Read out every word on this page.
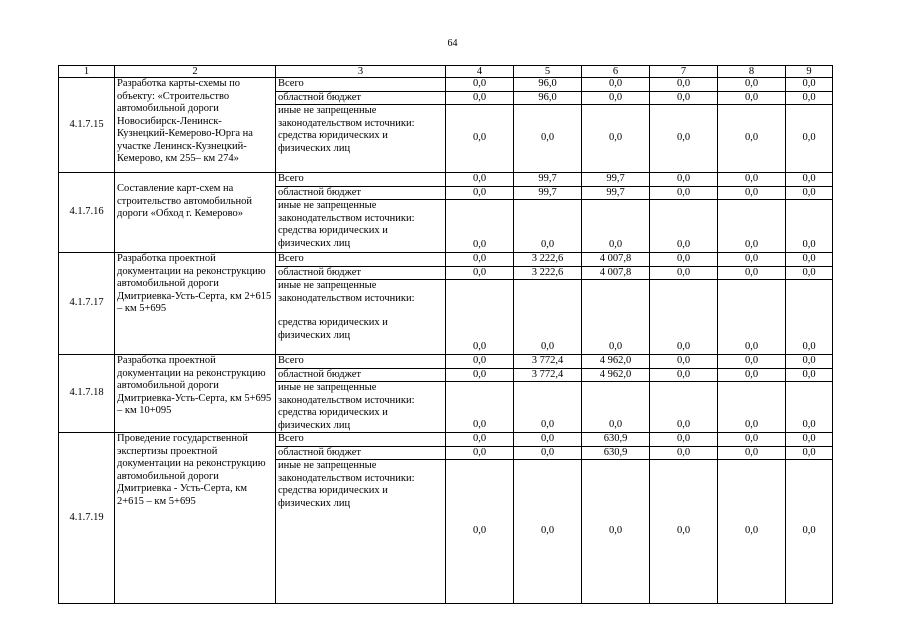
64
1	2	3	4	5	6	7	8	9
4.1.7.15	Разработка карты-схемы по объекту: «Строительство автомобильной дороги Новосибирск-Ленинск-Кузнецкий-Кемерово-Юрга на участке Ленинск-Кузнецкий-Кемерово, км 255– км 274»	Всего	0,0	96,0	0,0	0,0	0,0	0,0
		областной бюджет	0,0	96,0	0,0	0,0	0,0	0,0

		иные не запрещенные
законодательством источники:
средства юридических и
физических лиц	0,0	0,0	0,0	0,0	0,0	0,0
4.1.7.16	Составление карт-схем на строительство автомобильной дороги «Обход г. Кемерово»	Всего	0,0	99,7	99,7	0,0	0,0	0,0
		областной бюджет	0,0	99,7	99,7	0,0	0,0	0,0

		иные не запрещенные
законодательством источники:
средства юридических и
физических лиц	0,0	0,0	0,0	0,0	0,0	0,0
4.1.7.17	Разработка проектной документации на реконструкцию автомобильной дороги Дмитриевка-Усть-Серта, км 2+615 – км 5+695	Всего	0,0	3 222,6	4 007,8	0,0	0,0	0,0
		областной бюджет	0,0	3 222,6	4 007,8	0,0	0,0	0,0

		иные не запрещенные
законодательством источники:
средства юридических и
физических лиц	0,0	0,0	0,0	0,0	0,0	0,0
4.1.7.18	Разработка проектной документации на реконструкцию автомобильной дороги Дмитриевка-Усть-Серта, км 5+695 – км 10+095	Всего	0,0	3 772,4	4 962,0	0,0	0,0	0,0
		областной бюджет	0,0	3 772,4	4 962,0	0,0	0,0	0,0

		иные не запрещенные
законодательством источники:
средства юридических и
физических лиц	0,0	0,0	0,0	0,0	0,0	0,0
4.1.7.19	Проведение государственной экспертизы проектной документации на реконструкцию автомобильной дороги Дмитриевка - Усть-Серта, км 2+615 – км 5+695	Всего	0,0	0,0	630,9	0,0	0,0	0,0
		областной бюджет	0,0	0,0	630,9	0,0	0,0	0,0

		иные не запрещенные
законодательством источники:
средства юридических и
физических лиц	0,0	0,0	0,0	0,0	0,0	0,0
